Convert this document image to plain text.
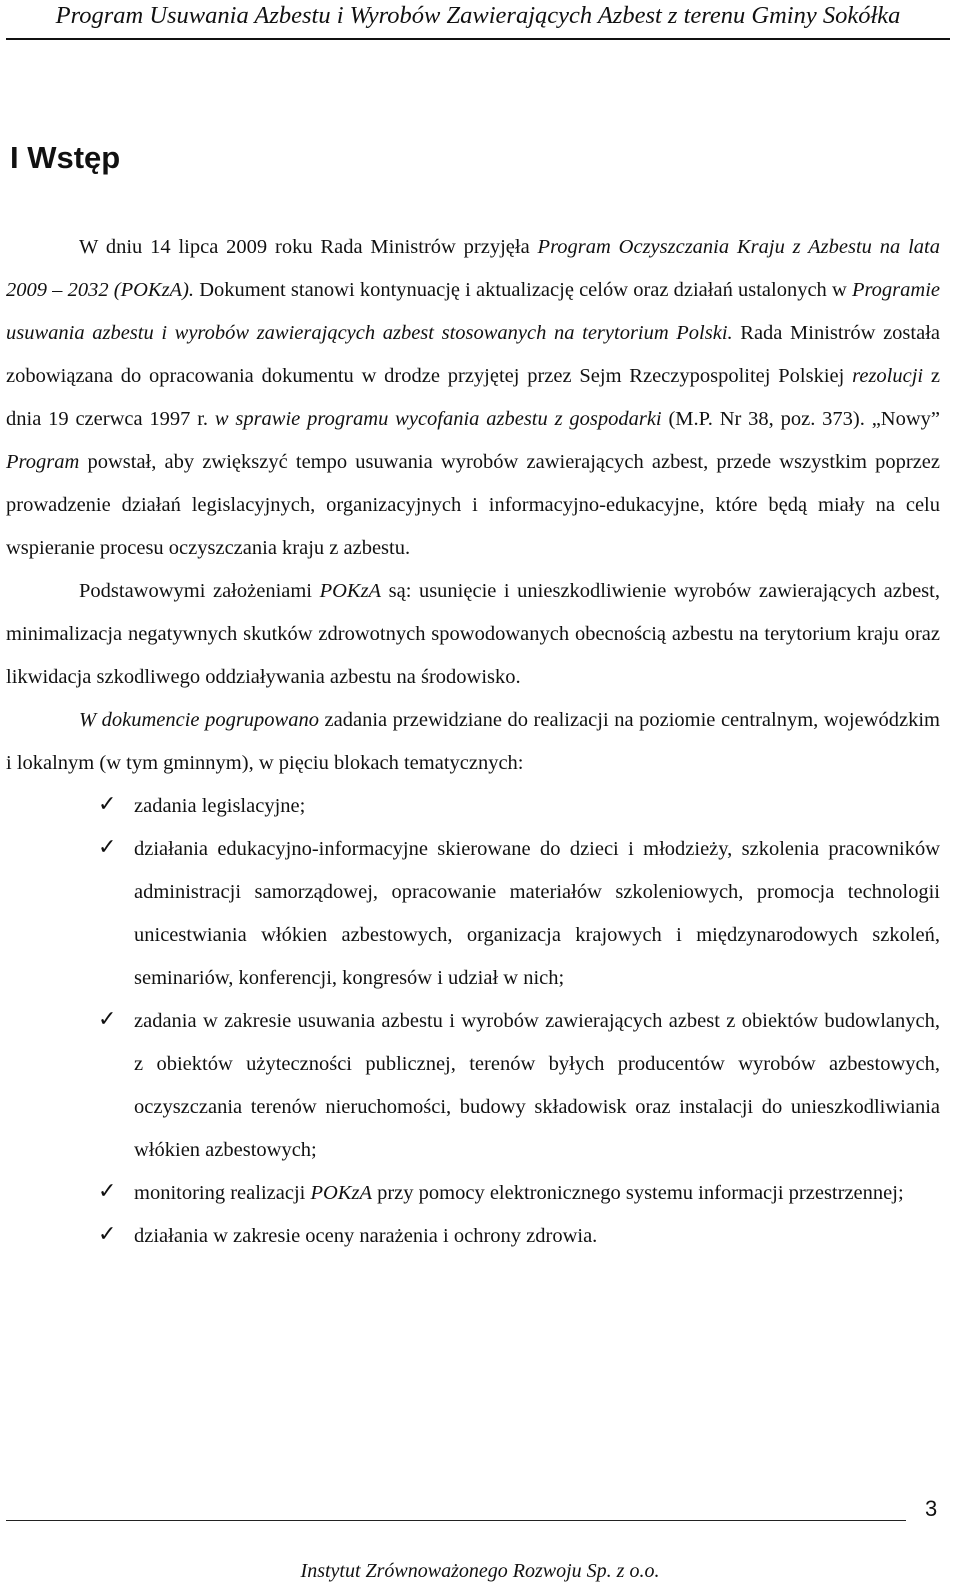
Program Usuwania Azbestu i Wyrobów Zawierających Azbest z terenu Gminy Sokółka
I Wstęp

W dniu 14 lipca 2009 roku Rada Ministrów przyjęła Program Oczyszczania Kraju z Azbestu na lata 2009 – 2032 (POKzA). Dokument stanowi kontynuację i aktualizację celów oraz działań ustalonych w Programie usuwania azbestu i wyrobów zawierających azbest stosowanych na terytorium Polski. Rada Ministrów została zobowiązana do opracowania dokumentu w drodze przyjętej przez Sejm Rzeczypospolitej Polskiej rezolucji z dnia 19 czerwca 1997 r. w sprawie programu wycofania azbestu z gospodarki (M.P. Nr 38, poz. 373). „Nowy” Program powstał, aby zwiększyć tempo usuwania wyrobów zawierających azbest, przede wszystkim poprzez prowadzenie działań legislacyjnych, organizacyjnych i informacyjno-edukacyjne, które będą miały na celu wspieranie procesu oczyszczania kraju z azbestu.

Podstawowymi założeniami POKzA są: usunięcie i unieszkodliwienie wyrobów zawierających azbest, minimalizacja negatywnych skutków zdrowotnych spowodowanych obecnością azbestu na terytorium kraju oraz likwidacja szkodliwego oddziaływania azbestu na środowisko.

W dokumencie pogrupowano zadania przewidziane do realizacji na poziomie centralnym, wojewódzkim i lokalnym (w tym gminnym), w pięciu blokach tematycznych:

✓ zadania legislacyjne;
✓ działania edukacyjno-informacyjne skierowane do dzieci i młodzieży, szkolenia pracowników administracji samorządowej, opracowanie materiałów szkoleniowych, promocja technologii unicestwiania włókien azbestowych, organizacja krajowych i międzynarodowych szkoleń, seminariów, konferencji, kongresów i udział w nich;
✓ zadania w zakresie usuwania azbestu i wyrobów zawierających azbest z obiektów budowlanych, z obiektów użyteczności publicznej, terenów byłych producentów wyrobów azbestowych, oczyszczania terenów nieruchomości, budowy składowisk oraz instalacji do unieszkodliwiania włókien azbestowych;
✓ monitoring realizacji POKzA przy pomocy elektronicznego systemu informacji przestrzennej;
✓ działania w zakresie oceny narażenia i ochrony zdrowia.
3
Instytut Zrównoważonego Rozwoju Sp. z o.o.
